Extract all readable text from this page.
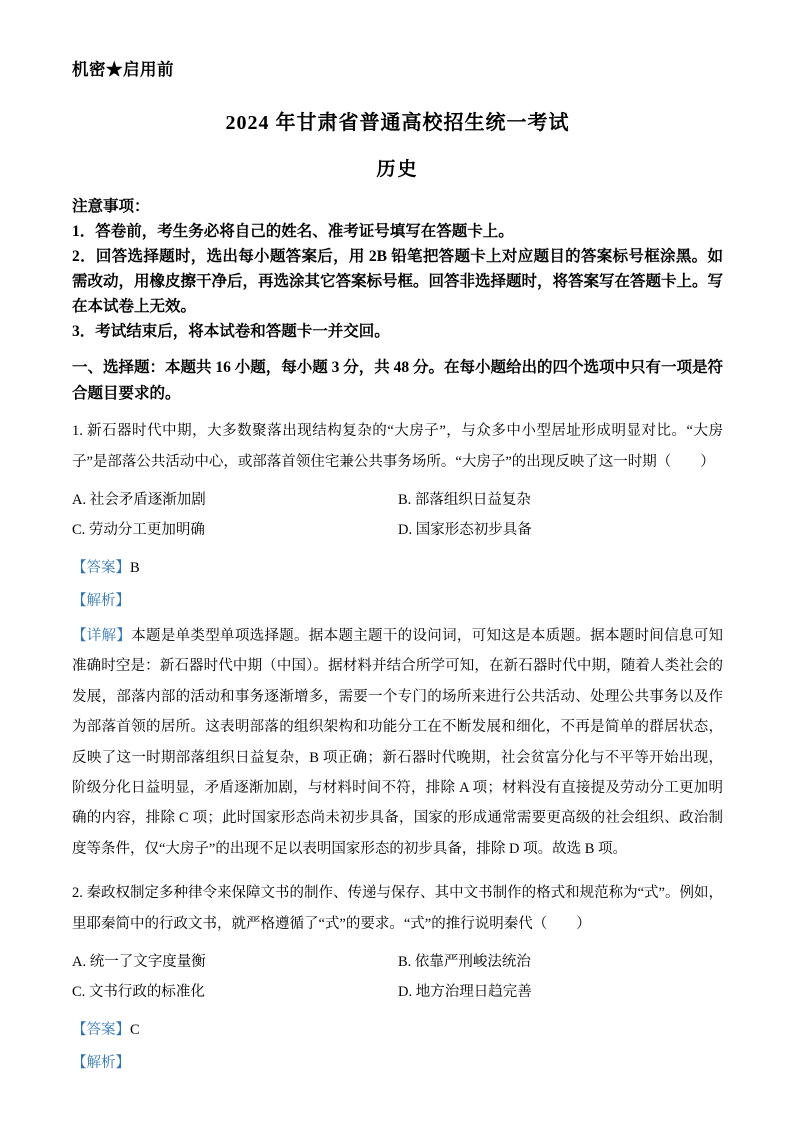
机密★启用前
2024 年甘肃省普通高校招生统一考试
历史
注意事项：
1．答卷前，考生务必将自己的姓名、准考证号填写在答题卡上。
2．回答选择题时，选出每小题答案后，用 2B 铅笔把答题卡上对应题目的答案标号框涂黑。如需改动，用橡皮擦干净后，再选涂其它答案标号框。回答非选择题时，将答案写在答题卡上。写在本试卷上无效。
3．考试结束后，将本试卷和答题卡一并交回。
一、选择题：本题共 16 小题，每小题 3 分，共 48 分。在每小题给出的四个选项中只有一项是符合题目要求的。
1. 新石器时代中期，大多数聚落出现结构复杂的“大房子”，与众多中小型居址形成明显对比。“大房子”是部落公共活动中心，或部落首领住宅兼公共事务场所。“大房子”的出现反映了这一时期（　　）
A. 社会矛盾逐渐加剧	B. 部落组织日益复杂
C. 劳动分工更加明确	D. 国家形态初步具备
【答案】B
【解析】
【详解】本题是单类型单项选择题。据本题主题干的设问词，可知这是本质题。据本题时间信息可知准确时空是：新石器时代中期（中国）。据材料并结合所学可知，在新石器时代中期，随着人类社会的发展，部落内部的活动和事务逐渐增多，需要一个专门的场所来进行公共活动、处理公共事务以及作为部落首领的居所。这表明部落的组织架构和功能分工在不断发展和细化，不再是简单的群居状态，反映了这一时期部落组织日益复杂，B 项正确；新石器时代晚期，社会贫富分化与不平等开始出现，阶级分化日益明显，矛盾逐渐加剧，与材料时间不符，排除 A 项；材料没有直接提及劳动分工更加明确的内容，排除 C 项；此时国家形态尚未初步具备，国家的形成通常需要更高级的社会组织、政治制度等条件，仅“大房子”的出现不足以表明国家形态的初步具备，排除 D 项。故选 B 项。
2. 秦政权制定多种律令来保障文书的制作、传递与保存、其中文书制作的格式和规范称为“式”。例如，里耶秦简中的行政文书，就严格遵循了“式”的要求。“式”的推行说明秦代（　　）
A. 统一了文字度量衡	B. 依靠严刑峻法统治
C. 文书行政的标准化	D. 地方治理日趋完善
【答案】C
【解析】
